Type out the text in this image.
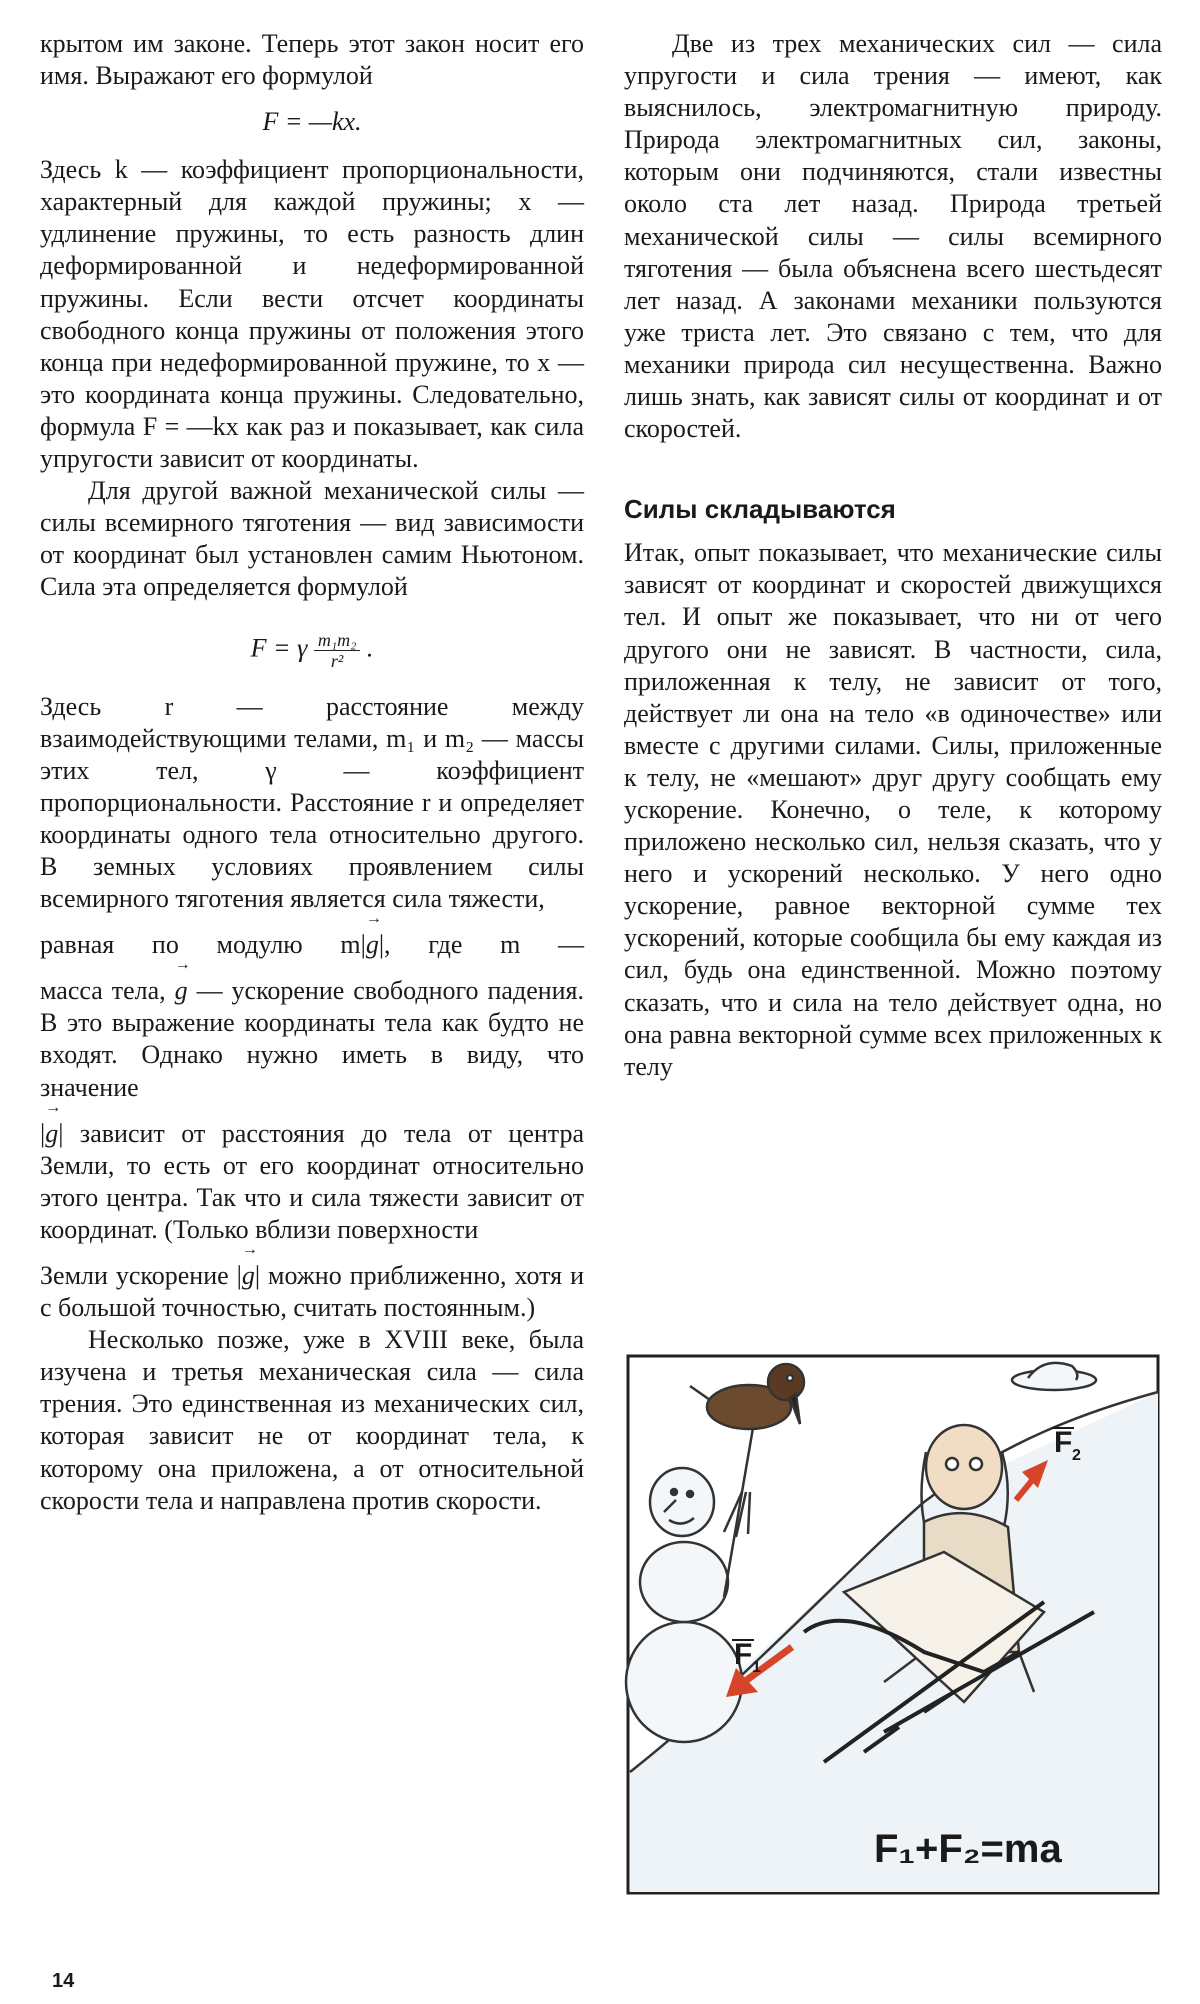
крытом им законе. Теперь этот закон носит его имя. Выражают его формулой

F = —kx.

Здесь k — коэффициент пропорциональности, характерный для каждой пружины; x — удлинение пружины, то есть разность длин деформированной и недеформированной пружины. Если вести отсчет координаты свободного конца пружины от положения этого конца при недеформированной пружине, то x — это координата конца пружины. Следовательно, формула F = —kx как раз и показывает, как сила упругости зависит от координаты.

Для другой важной механической силы — силы всемирного тяготения — вид зависимости от координат был установлен самим Ньютоном. Сила эта определяется формулой

F = γ $\frac{\text{m₁m₂}}{\text{r²}}$ .

Здесь r — расстояние между взаимодействующими телами, m₁ и m₂ — массы этих тел, γ — коэффициент пропорциональности. Расстояние r и определяет координаты одного тела относительно другого. В земных условиях проявлением силы всемирного тяготения является сила тяжести,

равная по модулю m|→ g|, где m —

масса тела, → g — ускорение свободного падения. В это выражение координаты тела как будто не входят. Однако нужно иметь в виду, что значение

|→ g| зависит от расстояния до тела от центра Земли, то есть от его координат относительно этого центра. Так что и сила тяжести зависит от координат. (Только вблизи поверхности

Земли ускорение |→ g| можно приближенно, хотя и с большой точностью, считать постоянным.)

Несколько позже, уже в XVIII веке, была изучена и третья механическая сила — сила трения. Это единственная из механических сил, которая зависит не от координат тела, к которому она приложена, а от относительной скорости тела и направлена против скорости.

Две из трех механических сил — сила упругости и сила трения — имеют, как выяснилось, электромагнитную природу. Природа электромагнитных сил, законы, которым они подчиняются, стали известны около ста лет назад. Природа третьей механической силы — силы всемирного тяготения — была объяснена всего шестьдесят лет назад. А законами механики пользуются уже триста лет. Это связано с тем, что для механики природа сил несущественна. Важно лишь знать, как зависят силы от координат и от скоростей.

Силы складываются

Итак, опыт показывает, что механические силы зависят от координат и скоростей движущихся тел. И опыт же показывает, что ни от чего другого они не зависят. В частности, сила, приложенная к телу, не зависит от того, действует ли она на тело «в одиночестве» или вместе с другими силами. Силы, приложенные к телу, не «мешают» друг другу сообщать ему ускорение. Конечно, о теле, к которому приложено несколько сил, нельзя сказать, что у него и ускорений несколько. У него одно ускорение, равное векторной сумме тех ускорений, которые сообщила бы ему каждая из сил, будь она единственной. Можно поэтому сказать, что и сила на тело действует одна, но она равна векторной сумме всех приложенных к телу

F 2
F 1
F₁+F₂=ma
14
